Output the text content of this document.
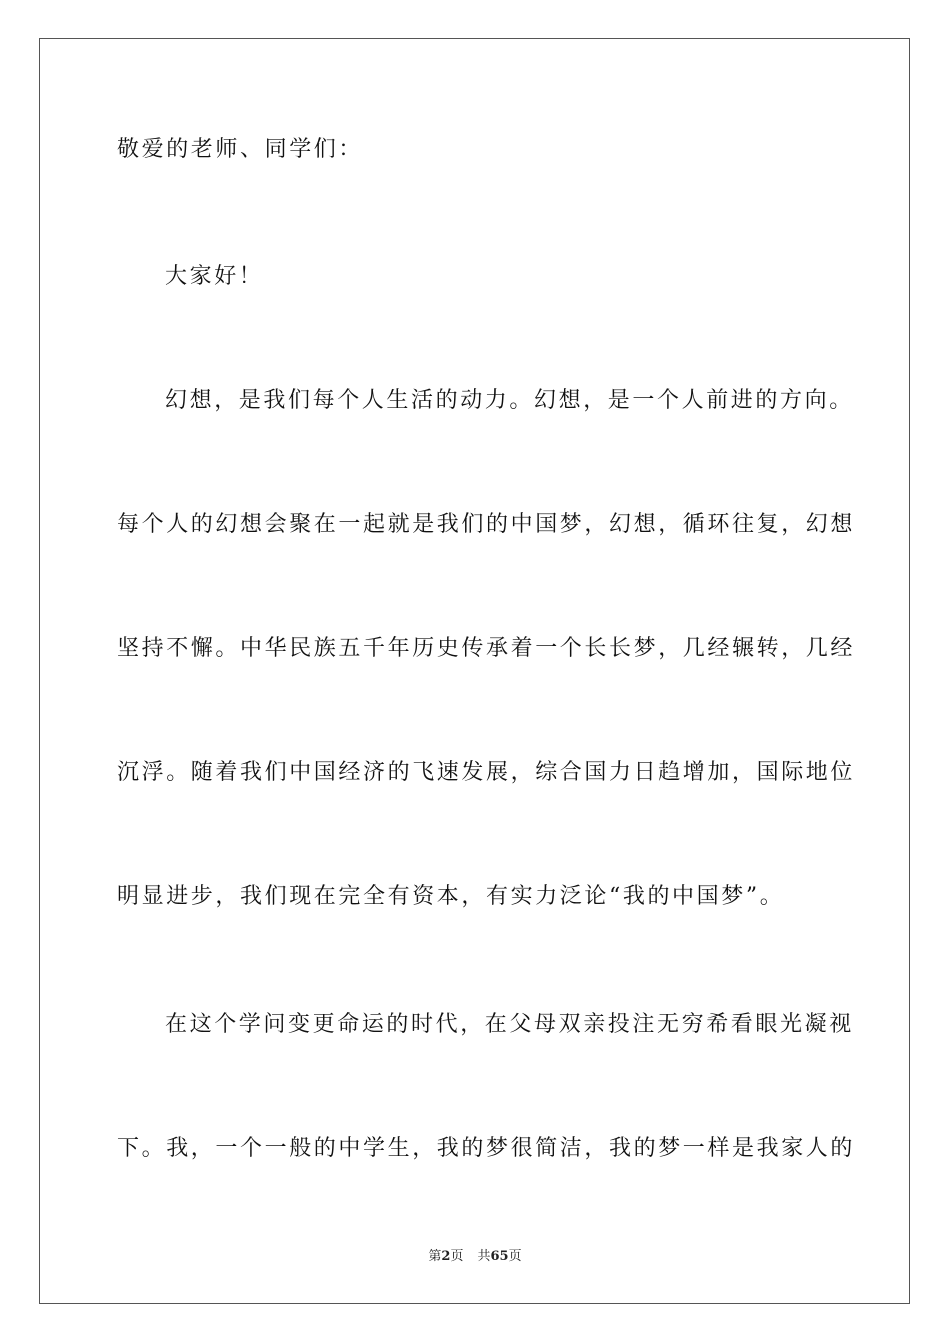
敬爱的老师、同学们：
大家好！
幻想，是我们每个人生活的动力。幻想，是一个人前进的方向。
每个人的幻想会聚在一起就是我们的中国梦，幻想，循环往复，幻想
坚持不懈。中华民族五千年历史传承着一个长长梦，几经辗转，几经
沉浮。随着我们中国经济的飞速发展，综合国力日趋增加，国际地位
明显进步，我们现在完全有资本，有实力泛论“我的中国梦”。
在这个学问变更命运的时代，在父母双亲投注无穷希看眼光凝视
下。我，一个一般的中学生，我的梦很简洁，我的梦一样是我家人的
第2页 共65页
